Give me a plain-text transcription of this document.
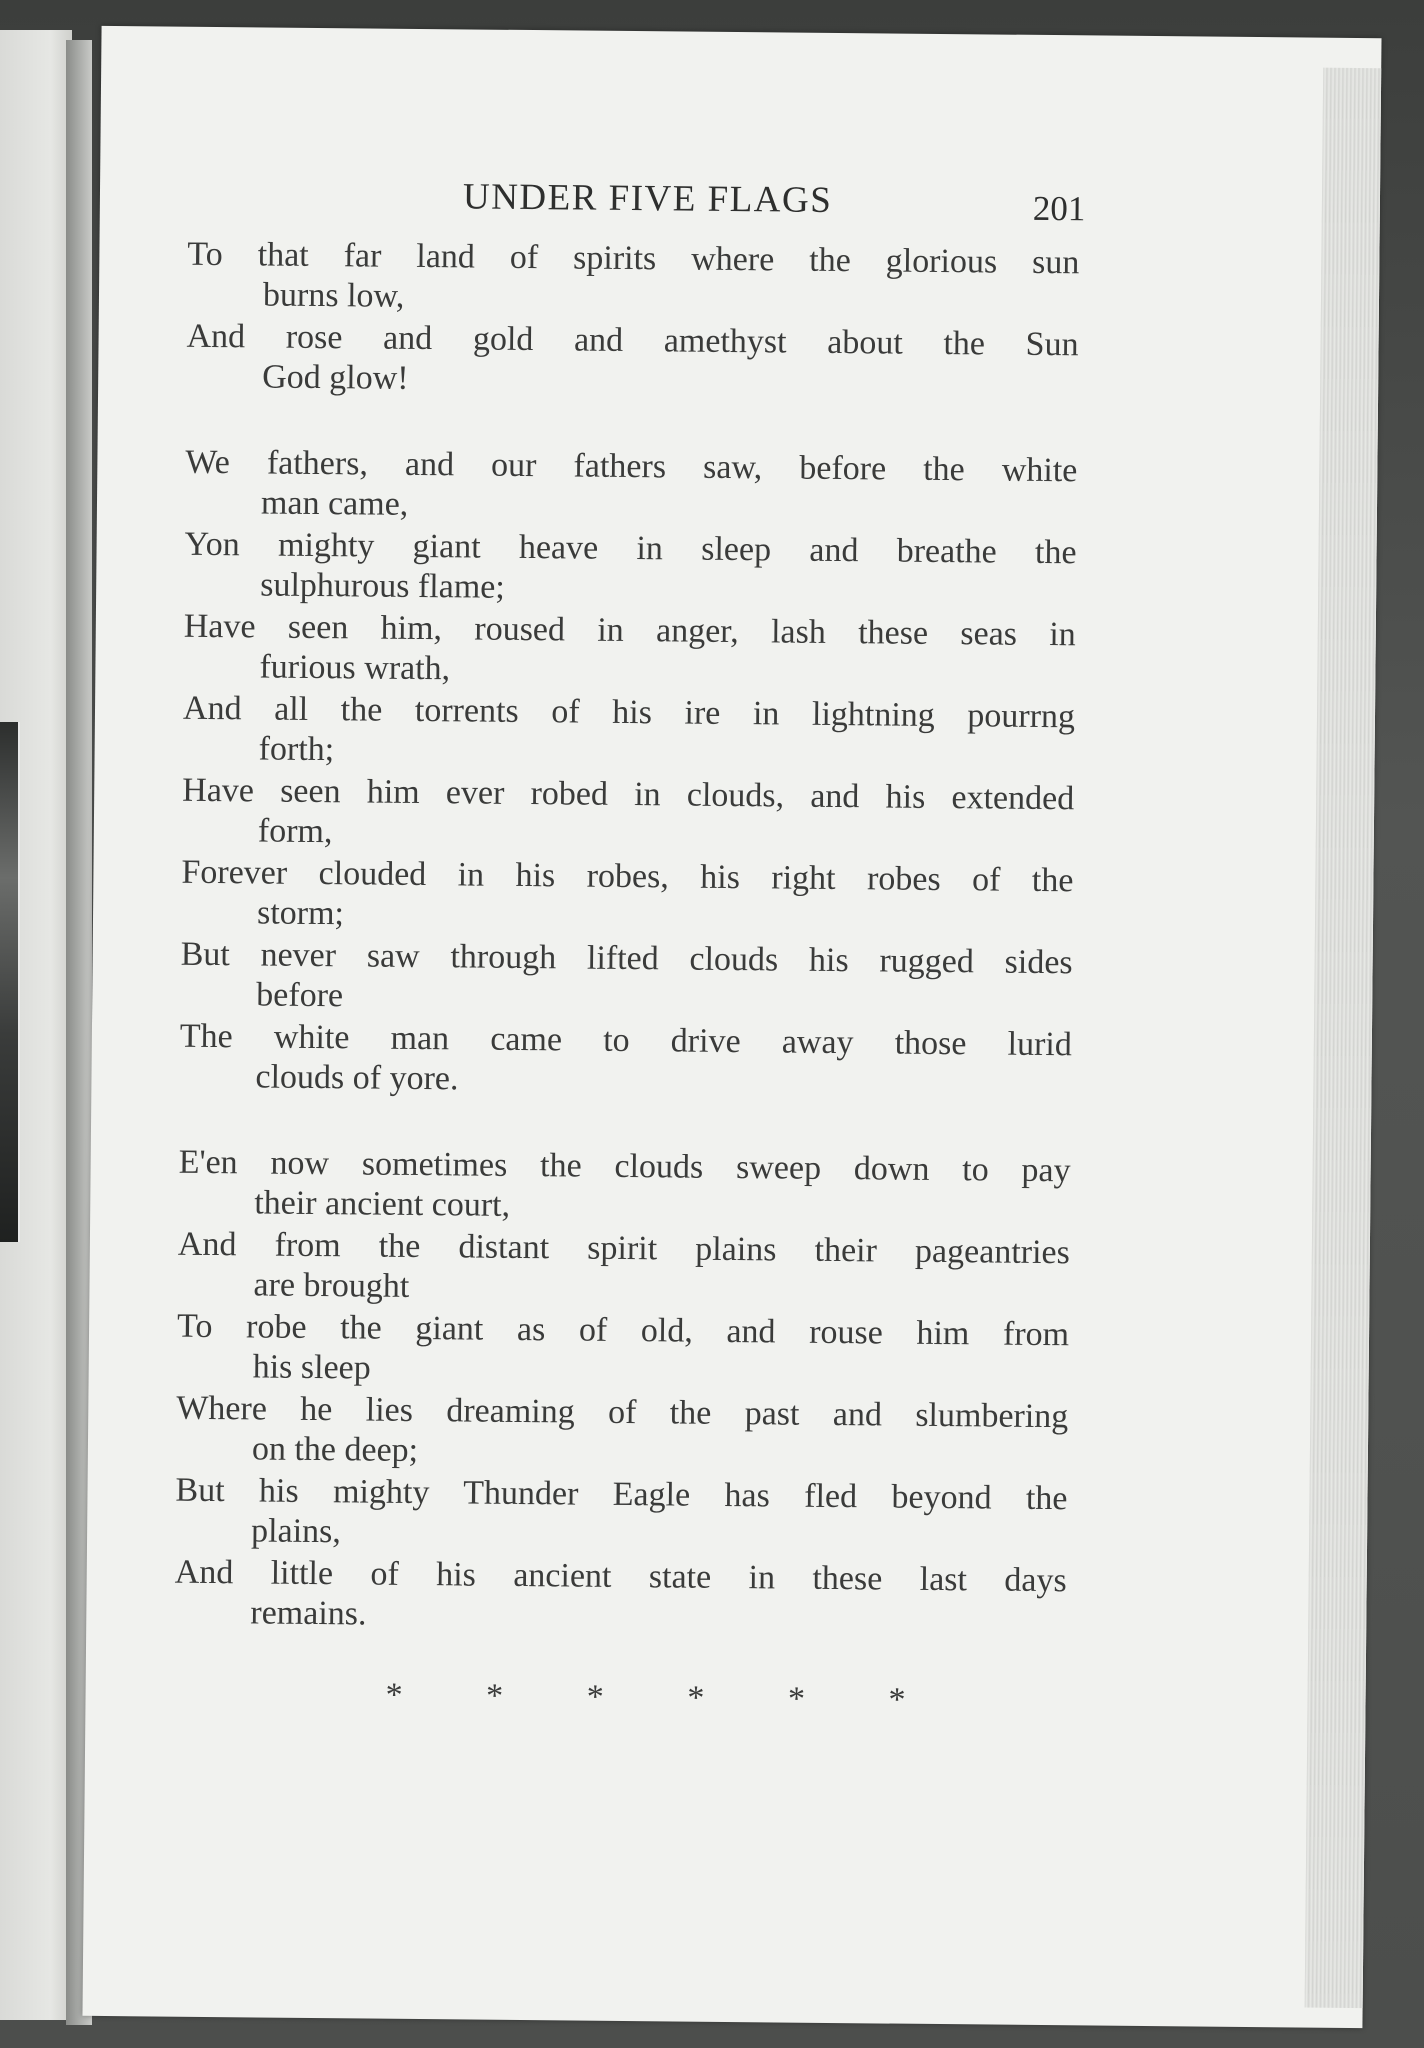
UNDER FIVE FLAGS	201
To that far land of spirits where the glorious sun
burns low,
And rose and gold and amethyst about the Sun
God glow!
We fathers, and our fathers saw, before the white
man came,
Yon mighty giant heave in sleep and breathe the
sulphurous flame;
Have seen him, roused in anger, lash these seas in
furious wrath,
And all the torrents of his ire in lightning pourrng
forth;
Have seen him ever robed in clouds, and his extended
form,
Forever clouded in his robes, his right robes of the
storm;
But never saw through lifted clouds his rugged sides
before
The white man came to drive away those lurid
clouds of yore.
E'en now sometimes the clouds sweep down to pay
their ancient court,
And from the distant spirit plains their pageantries
are brought
To robe the giant as of old, and rouse him from
his sleep
Where he lies dreaming of the past and slumbering
on the deep;
But his mighty Thunder Eagle has fled beyond the
plains,
And little of his ancient state in these last days
remains.
* * * * * *
